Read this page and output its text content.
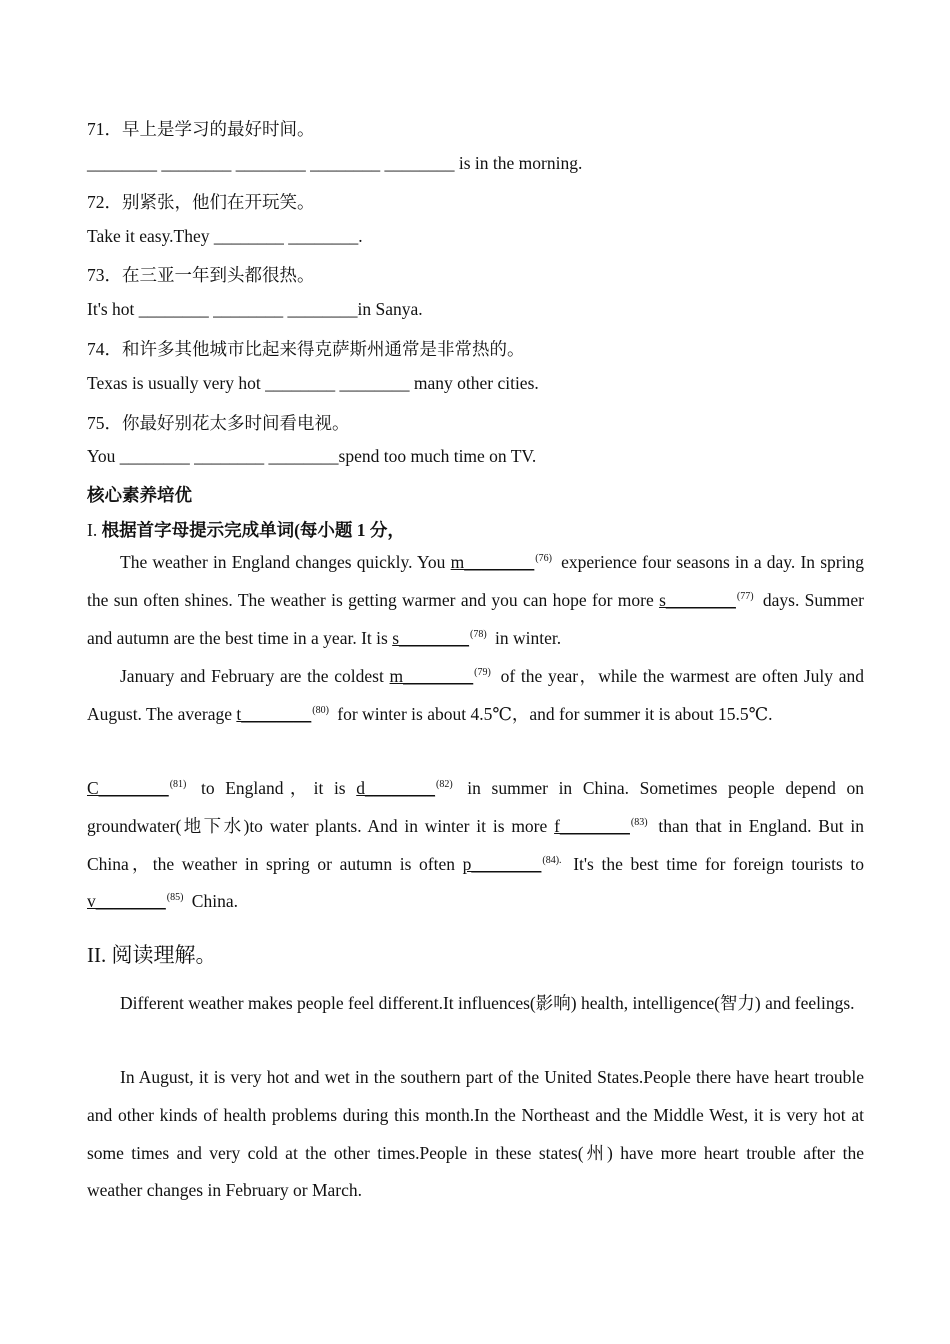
71．早上是学习的最好时间。
________ ________ ________ ________ ________ is in the morning.
72．别紧张，他们在开玩笑。
Take it easy.They ________ ________.
73．在三亚一年到头都很热。
It's hot ________ ________ ________in Sanya.
74．和许多其他城市比起来得克萨斯州通常是非常热的。
Texas is usually very hot ________ ________ many other cities.
75．你最好别花太多时间看电视。
You ________ ________ ________spend too much time on TV.
核心素养培优
I. 根据首字母提示完成单词(每小题 1 分，
The weather in England changes quickly. You m________$^{(76)}$ experience four seasons in a day. In spring the sun often shines. The weather is getting warmer and you can hope for more s________$^{(77)}$ days. Summer and autumn are the best time in a year. It is s________$^{(78)}$ in winter.
January and February are the coldest m________$^{(79)}$ of the year，while the warmest are often July and August. The average t________$^{(80)}$ for winter is about 4.5℃，and for summer it is about 15.5℃.
C________$^{(81)}$ to England，it is d________$^{(82)}$ in summer in China. Sometimes people depend on groundwater(地下水)to water plants. And in winter it is more f________$^{(83)}$ than that in England. But in China，the weather in spring or autumn is often p________$^{(84).}$ It's the best time for foreign tourists to v________$^{(85)}$ China.
II. 阅读理解。
Different weather makes people feel different.It influences(影响) health, intelligence(智力) and feelings.
In August, it is very hot and wet in the southern part of the United States.People there have heart trouble and other kinds of health problems during this month.In the Northeast and the Middle West, it is very hot at some times and very cold at the other times.People in these states(州) have more heart trouble after the weather changes in February or March.
